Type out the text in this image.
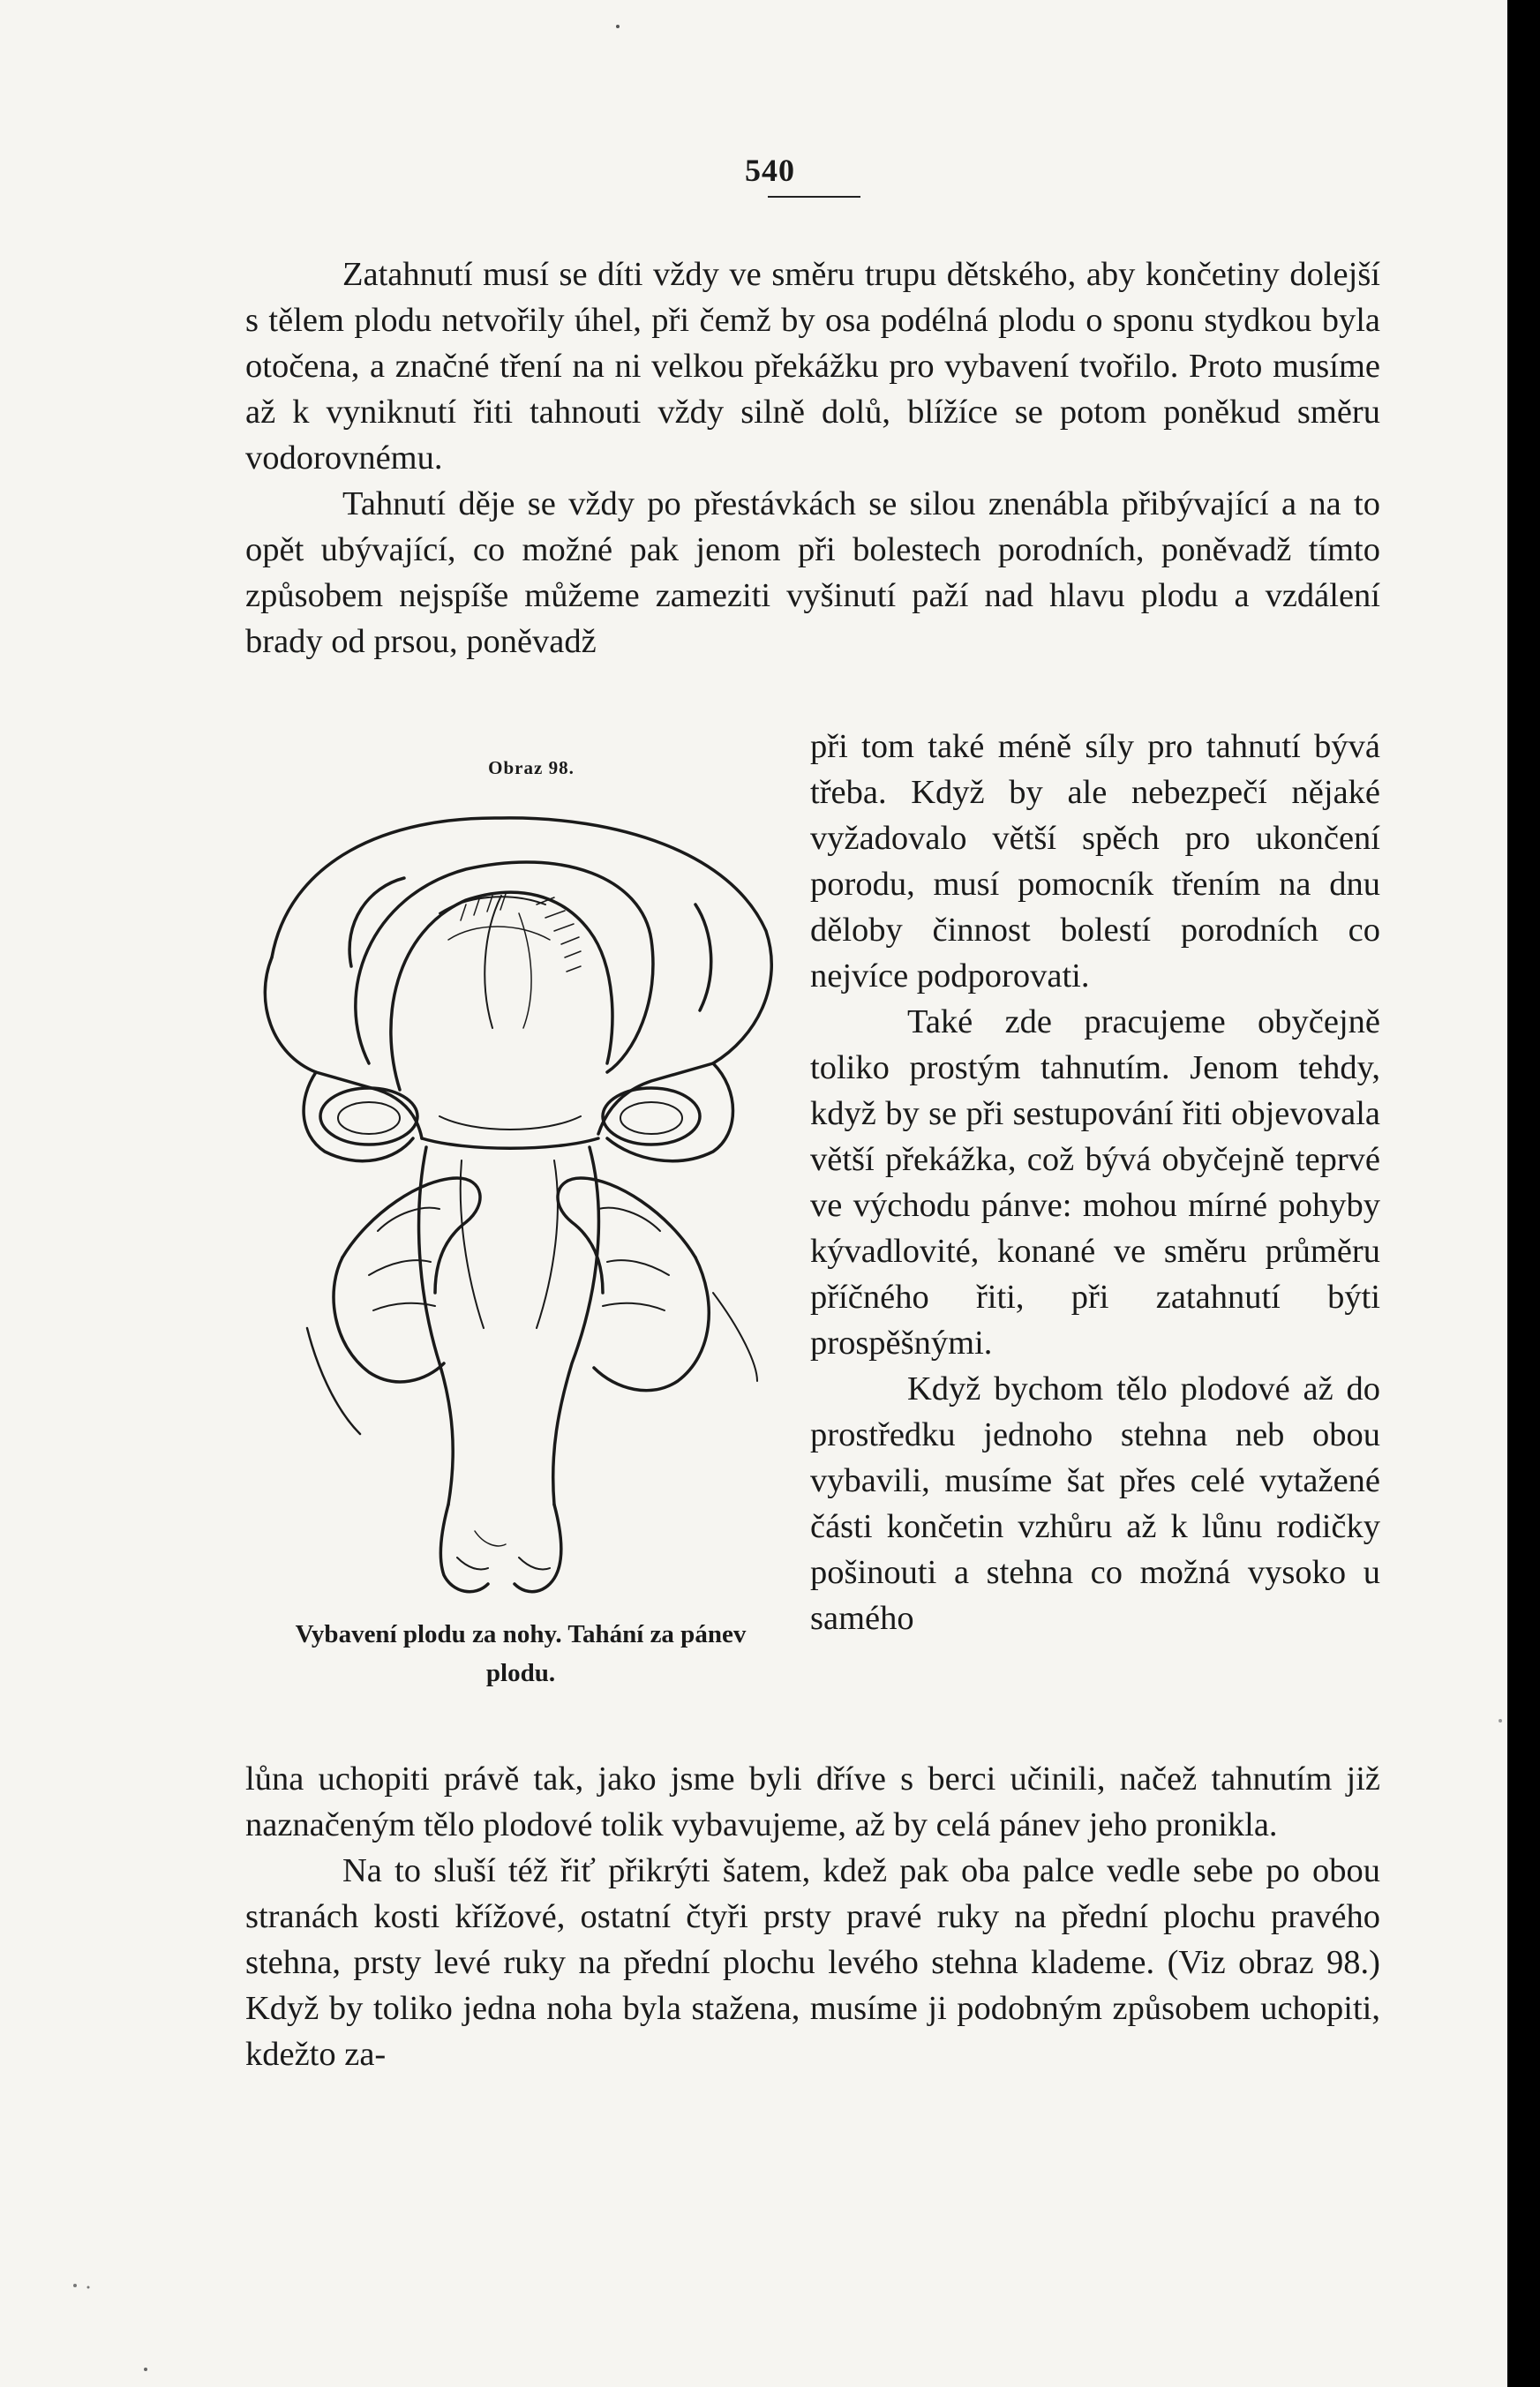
540

Zatahnutí musí se díti vždy ve směru trupu dětského, aby končetiny dolejší s tělem plodu netvořily úhel, při čemž by osa podélná plodu o sponu stydkou byla otočena, a značné tření na ni velkou překážku pro vybavení tvořilo. Proto musíme až k vyniknutí řiti tahnouti vždy silně dolů, blížíce se potom poněkud směru vodorovnému.

Tahnutí děje se vždy po přestávkách se silou znenábla přibývající a na to opět ubývající, co možné pak jenom při bolestech porodních, poněvadž tímto způsobem nejspíše můžeme zameziti vyšinutí paží nad hlavu plodu a vzdálení brady od prsou, poněvadž

Obraz 98.
Vybavení plodu za nohy. Tahání za pánev plodu.

při tom také méně síly pro tahnutí bývá třeba. Když by ale nebezpečí nějaké vyžadovalo větší spěch pro ukončení porodu, musí pomocník třením na dnu děloby činnost bolestí porodních co nejvíce podporovati.

Také zde pracujeme obyčejně toliko prostým tahnutím. Jenom tehdy, když by se při sestupování řiti objevovala větší překážka, což bývá obyčejně teprvé ve východu pánve: mohou mírné pohyby kývadlovité, konané ve směru průměru příčného řiti, při zatahnutí býti prospěšnými.

Když bychom tělo plodové až do prostředku jednoho stehna neb obou vybavili, musíme šat přes celé vytažené části končetin vzhůru až k lůnu rodičky pošinouti a stehna co možná vysoko u samého

lůna uchopiti právě tak, jako jsme byli dříve s berci učinili, načež tahnutím již naznačeným tělo plodové tolik vybavujeme, až by celá pánev jeho pronikla.

Na to sluší též řiť přikrýti šatem, kdež pak oba palce vedle sebe po obou stranách kosti křížové, ostatní čtyři prsty pravé ruky na přední plochu pravého stehna, prsty levé ruky na přední plochu levého stehna klademe. (Viz obraz 98.) Když by toliko jedna noha byla stažena, musíme ji podobným způsobem uchopiti, kdežto za-
